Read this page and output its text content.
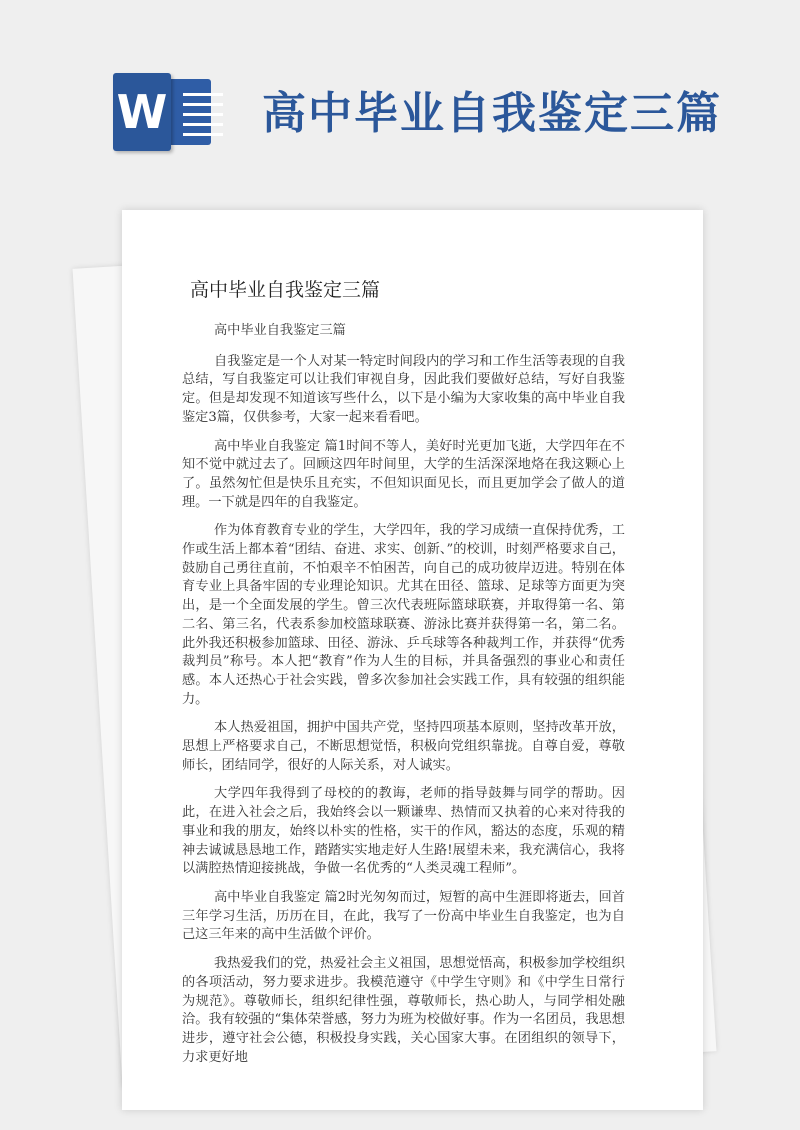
W 高中毕业自我鉴定三篇
高中毕业自我鉴定三篇

高中毕业自我鉴定三篇

自我鉴定是一个人对某一特定时间段内的学习和工作生活等表现的自我总结，写自我鉴定可以让我们审视自身，因此我们要做好总结，写好自我鉴定。但是却发现不知道该写些什么，以下是小编为大家收集的高中毕业自我鉴定3篇，仅供参考，大家一起来看看吧。

高中毕业自我鉴定 篇1时间不等人，美好时光更加飞逝，大学四年在不知不觉中就过去了。回顾这四年时间里，大学的生活深深地烙在我这颗心上了。虽然匆忙但是快乐且充实，不但知识面见长，而且更加学会了做人的道理。一下就是四年的自我鉴定。

作为体育教育专业的学生，大学四年，我的学习成绩一直保持优秀，工作或生活上都本着“团结、奋进、求实、创新、”的校训，时刻严格要求自己，鼓励自己勇往直前，不怕艰辛不怕困苦，向自己的成功彼岸迈进。特别在体育专业上具备牢固的专业理论知识。尤其在田径、篮球、足球等方面更为突出，是一个全面发展的学生。曾三次代表班际篮球联赛，并取得第一名、第二名、第三名，代表系参加校篮球联赛、游泳比赛并获得第一名，第二名。此外我还积极参加篮球、田径、游泳、乒乓球等各种裁判工作，并获得“优秀裁判员”称号。本人把“教育”作为人生的目标，并具备强烈的事业心和责任感。本人还热心于社会实践，曾多次参加社会实践工作，具有较强的组织能力。

本人热爱祖国，拥护中国共产党，坚持四项基本原则，坚持改革开放，思想上严格要求自己，不断思想觉悟，积极向党组织靠拢。自尊自爱，尊敬师长，团结同学，很好的人际关系，对人诚实。

大学四年我得到了母校的的教诲，老师的指导鼓舞与同学的帮助。因此，在进入社会之后，我始终会以一颗谦卑、热情而又执着的心来对待我的事业和我的朋友，始终以朴实的性格，实干的作风，豁达的态度，乐观的精神去诚诚恳恳地工作，踏踏实实地走好人生路!展望未来，我充满信心，我将以满腔热情迎接挑战，争做一名优秀的“人类灵魂工程师”。

高中毕业自我鉴定 篇2时光匆匆而过，短暂的高中生涯即将逝去，回首三年学习生活，历历在目，在此，我写了一份高中毕业生自我鉴定，也为自己这三年来的高中生活做个评价。

我热爱我们的党，热爱社会主义祖国，思想觉悟高，积极参加学校组织的各项活动，努力要求进步。我模范遵守《中学生守则》和《中学生日常行为规范》。尊敬师长，组织纪律性强，尊敬师长，热心助人，与同学相处融洽。我有较强的“集体荣誉感，努力为班为校做好事。作为一名团员，我思想进步，遵守社会公德，积极投身实践，关心国家大事。在团组织的领导下，力求更好地
